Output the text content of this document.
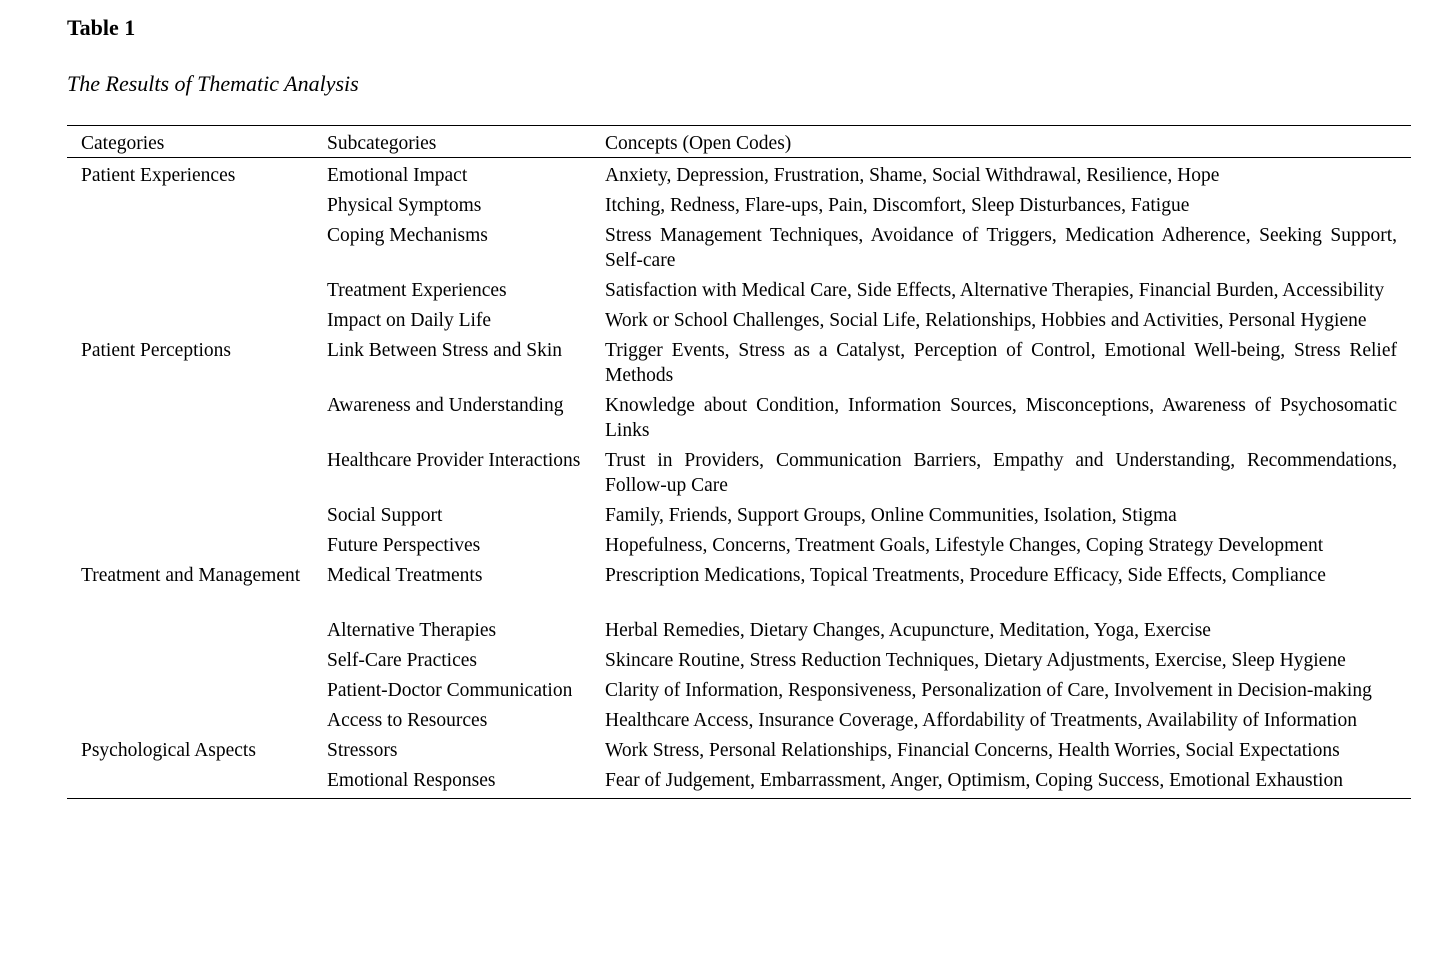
Table 1
The Results of Thematic Analysis
Categories	Subcategories	Concepts (Open Codes)
Patient Experiences	Emotional Impact	Anxiety, Depression, Frustration, Shame, Social Withdrawal, Resilience, Hope
	Physical Symptoms	Itching, Redness, Flare-ups, Pain, Discomfort, Sleep Disturbances, Fatigue
	Coping Mechanisms	Stress Management Techniques, Avoidance of Triggers, Medication Adherence, Seeking Support, Self-care
	Treatment Experiences	Satisfaction with Medical Care, Side Effects, Alternative Therapies, Financial Burden, Accessibility
	Impact on Daily Life	Work or School Challenges, Social Life, Relationships, Hobbies and Activities, Personal Hygiene
Patient Perceptions	Link Between Stress and Skin	Trigger Events, Stress as a Catalyst, Perception of Control, Emotional Well-being, Stress Relief Methods
	Awareness and Understanding	Knowledge about Condition, Information Sources, Misconceptions, Awareness of Psychosomatic Links
	Healthcare Provider Interactions	Trust in Providers, Communication Barriers, Empathy and Understanding, Recommendations, Follow-up Care
	Social Support	Family, Friends, Support Groups, Online Communities, Isolation, Stigma
	Future Perspectives	Hopefulness, Concerns, Treatment Goals, Lifestyle Changes, Coping Strategy Development
Treatment and Management	Medical Treatments	Prescription Medications, Topical Treatments, Procedure Efficacy, Side Effects, Compliance
	Alternative Therapies	Herbal Remedies, Dietary Changes, Acupuncture, Meditation, Yoga, Exercise
	Self-Care Practices	Skincare Routine, Stress Reduction Techniques, Dietary Adjustments, Exercise, Sleep Hygiene
	Patient-Doctor Communication	Clarity of Information, Responsiveness, Personalization of Care, Involvement in Decision-making
	Access to Resources	Healthcare Access, Insurance Coverage, Affordability of Treatments, Availability of Information
Psychological Aspects	Stressors	Work Stress, Personal Relationships, Financial Concerns, Health Worries, Social Expectations
	Emotional Responses	Fear of Judgement, Embarrassment, Anger, Optimism, Coping Success, Emotional Exhaustion
